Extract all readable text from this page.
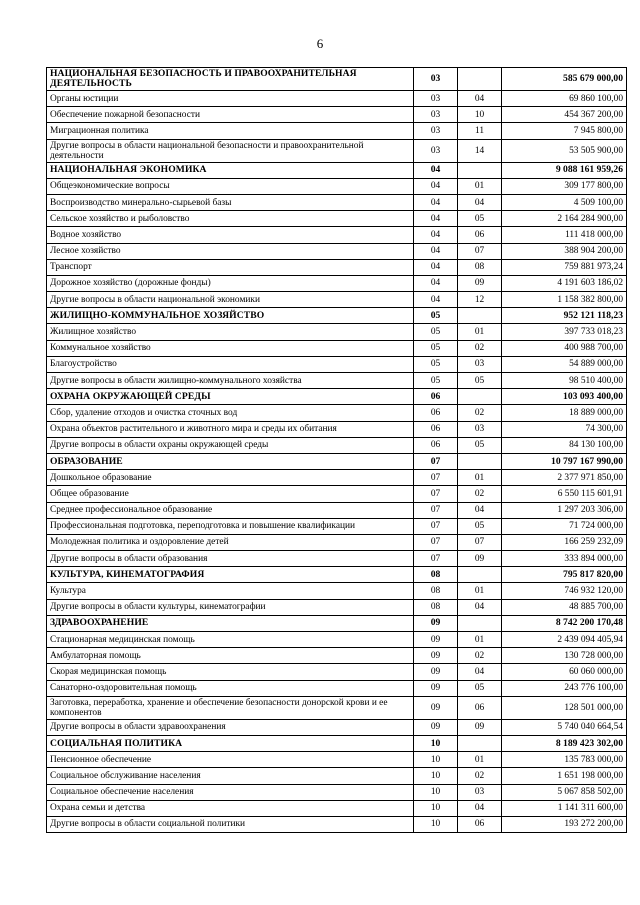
6
НАЦИОНАЛЬНАЯ БЕЗОПАСНОСТЬ И ПРАВООХРАНИТЕЛЬНАЯ ДЕЯТЕЛЬНОСТЬ	03		585 679 000,00
Органы юстиции	03	04	69 860 100,00
Обеспечение пожарной безопасности	03	10	454 367 200,00
Миграционная политика	03	11	7 945 800,00
Другие вопросы в области национальной безопасности и правоохранительной деятельности	03	14	53 505 900,00
НАЦИОНАЛЬНАЯ ЭКОНОМИКА	04		9 088 161 959,26
Общеэкономические вопросы	04	01	309 177 800,00
Воспроизводство минерально-сырьевой базы	04	04	4 509 100,00
Сельское хозяйство и рыболовство	04	05	2 164 284 900,00
Водное хозяйство	04	06	111 418 000,00
Лесное хозяйство	04	07	388 904 200,00
Транспорт	04	08	759 881 973,24
Дорожное хозяйство (дорожные фонды)	04	09	4 191 603 186,02
Другие вопросы в области национальной экономики	04	12	1 158 382 800,00
ЖИЛИЩНО-КОММУНАЛЬНОЕ ХОЗЯЙСТВО	05		952 121 118,23
Жилищное хозяйство	05	01	397 733 018,23
Коммунальное хозяйство	05	02	400 988 700,00
Благоустройство	05	03	54 889 000,00
Другие вопросы в области жилищно-коммунального хозяйства	05	05	98 510 400,00
ОХРАНА ОКРУЖАЮЩЕЙ СРЕДЫ	06		103 093 400,00
Сбор, удаление отходов и очистка сточных вод	06	02	18 889 000,00
Охрана объектов растительного и животного мира и среды их обитания	06	03	74 300,00
Другие вопросы в области охраны окружающей среды	06	05	84 130 100,00
ОБРАЗОВАНИЕ	07		10 797 167 990,00
Дошкольное образование	07	01	2 377 971 850,00
Общее образование	07	02	6 550 115 601,91
Среднее профессиональное образование	07	04	1 297 203 306,00
Профессиональная подготовка, переподготовка и повышение квалификации	07	05	71 724 000,00
Молодежная политика и оздоровление детей	07	07	166 259 232,09
Другие вопросы в области образования	07	09	333 894 000,00
КУЛЬТУРА, КИНЕМАТОГРАФИЯ	08		795 817 820,00
Культура	08	01	746 932 120,00
Другие вопросы в области культуры, кинематографии	08	04	48 885 700,00
ЗДРАВООХРАНЕНИЕ	09		8 742 200 170,48
Стационарная медицинская помощь	09	01	2 439 094 405,94
Амбулаторная помощь	09	02	130 728 000,00
Скорая медицинская помощь	09	04	60 060 000,00
Санаторно-оздоровительная помощь	09	05	243 776 100,00
Заготовка, переработка, хранение и обеспечение безопасности донорской крови и ее компонентов	09	06	128 501 000,00
Другие вопросы в области здравоохранения	09	09	5 740 040 664,54
СОЦИАЛЬНАЯ ПОЛИТИКА	10		8 189 423 302,00
Пенсионное обеспечение	10	01	135 783 000,00
Социальное обслуживание населения	10	02	1 651 198 000,00
Социальное обеспечение населения	10	03	5 067 858 502,00
Охрана семьи и детства	10	04	1 141 311 600,00
Другие вопросы в области социальной политики	10	06	193 272 200,00
